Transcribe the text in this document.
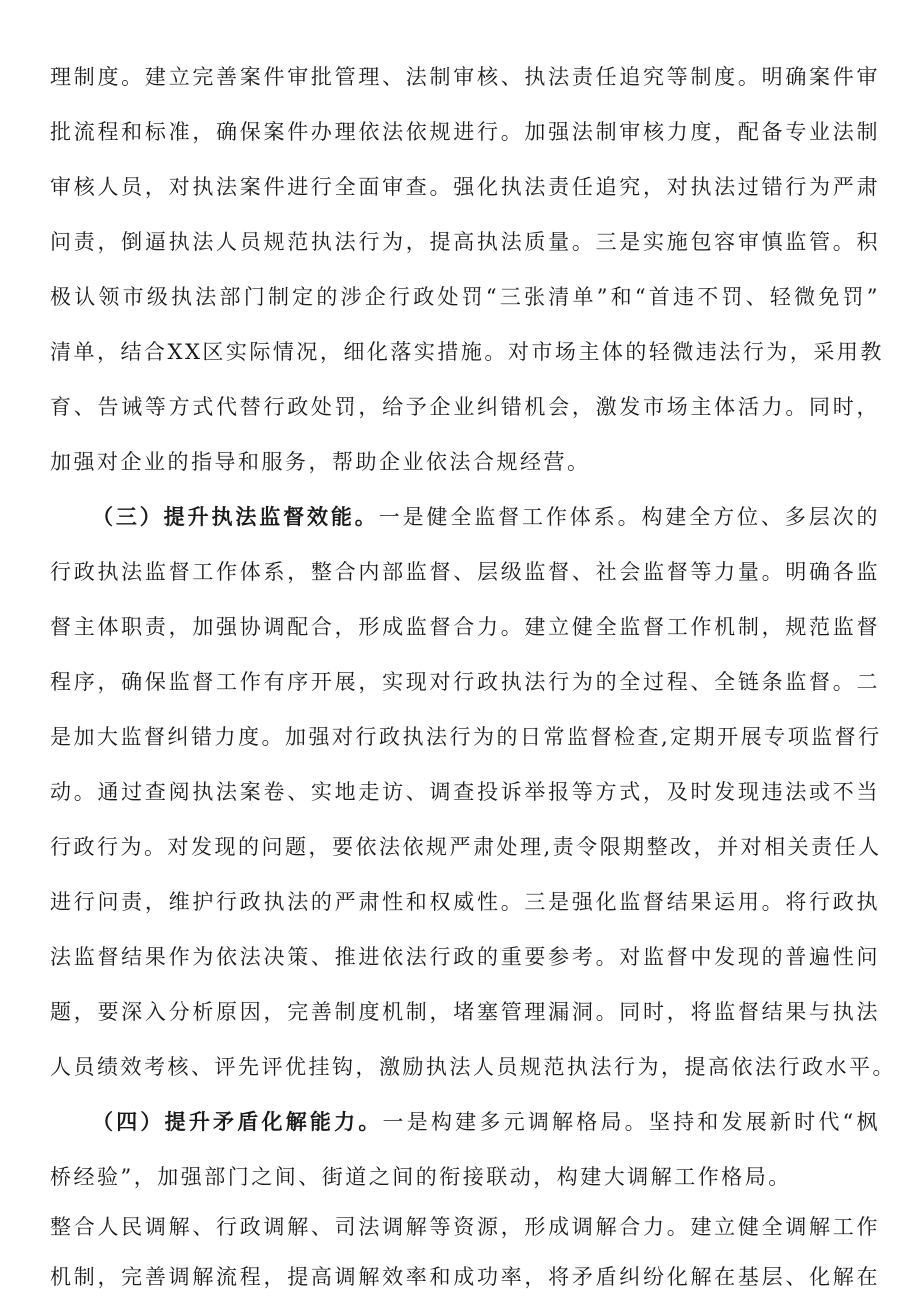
理制度。建立完善案件审批管理、法制审核、执法责任追究等制度。明确案件审
批流程和标准，确保案件办理依法依规进行。加强法制审核力度，配备专业法制
审核人员，对执法案件进行全面审查。强化执法责任追究，对执法过错行为严肃
问责，倒逼执法人员规范执法行为，提高执法质量。三是实施包容审慎监管。积
极认领市级执法部门制定的涉企行政处罚“三张清单”和“首违不罚、轻微免罚”
清单，结合XX区实际情况，细化落实措施。对市场主体的轻微违法行为，采用教
育、告诫等方式代替行政处罚，给予企业纠错机会，激发市场主体活力。同时，
加强对企业的指导和服务，帮助企业依法合规经营。
（三）提升执法监督效能。一是健全监督工作体系。构建全方位、多层次的
行政执法监督工作体系，整合内部监督、层级监督、社会监督等力量。明确各监
督主体职责，加强协调配合，形成监督合力。建立健全监督工作机制，规范监督
程序，确保监督工作有序开展，实现对行政执法行为的全过程、全链条监督。二
是加大监督纠错力度。加强对行政执法行为的日常监督检查,定期开展专项监督行
动。通过查阅执法案卷、实地走访、调查投诉举报等方式，及时发现违法或不当
行政行为。对发现的问题，要依法依规严肃处理,责令限期整改，并对相关责任人
进行问责，维护行政执法的严肃性和权威性。三是强化监督结果运用。将行政执
法监督结果作为依法决策、推进依法行政的重要参考。对监督中发现的普遍性问
题，要深入分析原因，完善制度机制，堵塞管理漏洞。同时，将监督结果与执法
人员绩效考核、评先评优挂钩，激励执法人员规范执法行为，提高依法行政水平。
（四）提升矛盾化解能力。一是构建多元调解格局。坚持和发展新时代“枫
桥经验”，加强部门之间、街道之间的衔接联动，构建大调解工作格局。
整合人民调解、行政调解、司法调解等资源，形成调解合力。建立健全调解工作
机制，完善调解流程，提高调解效率和成功率，将矛盾纠纷化解在基层、化解在
